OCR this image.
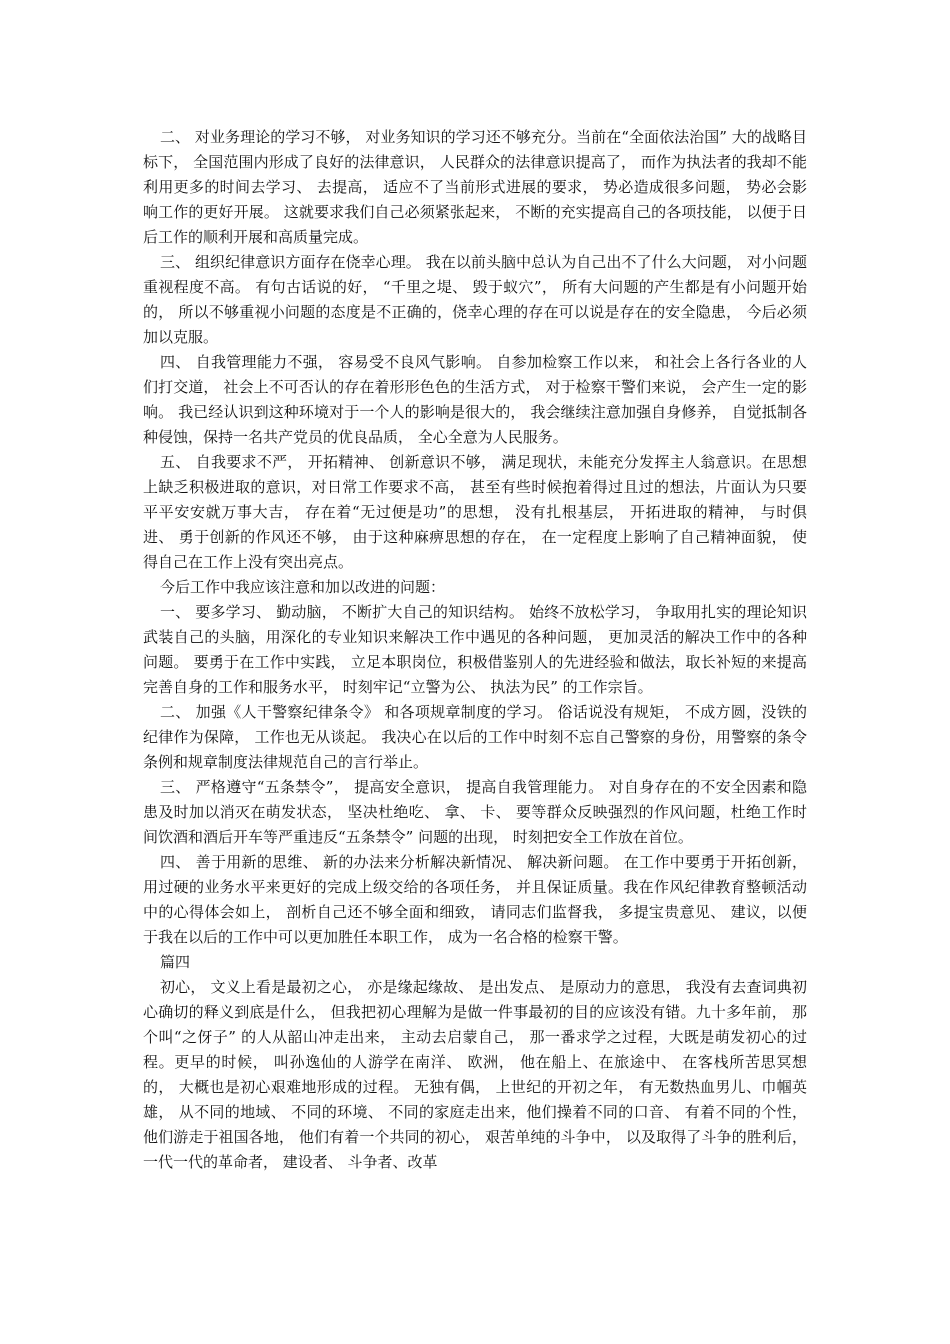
二、 对业务理论的学习不够， 对业务知识的学习还不够充分。当前在“全面依法治国” 大的战略目标下， 全国范围内形成了良好的法律意识， 人民群众的法律意识提高了， 而作为执法者的我却不能利用更多的时间去学习、 去提高， 适应不了当前形式进展的要求， 势必造成很多问题， 势必会影响工作的更好开展。 这就要求我们自己必须紧张起来， 不断的充实提高自己的各项技能， 以便于日后工作的顺利开展和高质量完成。

三、 组织纪律意识方面存在侥幸心理。 我在以前头脑中总认为自己出不了什么大问题， 对小问题重视程度不高。 有句古话说的好， “千里之堤、 毁于蚁穴”， 所有大问题的产生都是有小问题开始的， 所以不够重视小问题的态度是不正确的，侥幸心理的存在可以说是存在的安全隐患， 今后必须加以克服。

四、 自我管理能力不强， 容易受不良风气影响。 自参加检察工作以来， 和社会上各行各业的人们打交道， 社会上不可否认的存在着形形色色的生活方式， 对于检察干警们来说， 会产生一定的影响。 我已经认识到这种环境对于一个人的影响是很大的， 我会继续注意加强自身修养， 自觉抵制各种侵蚀，保持一名共产党员的优良品质， 全心全意为人民服务。

五、 自我要求不严， 开拓精神、 创新意识不够， 满足现状，未能充分发挥主人翁意识。在思想上缺乏积极进取的意识，对日常工作要求不高， 甚至有些时候抱着得过且过的想法，片面认为只要平平安安就万事大吉， 存在着“无过便是功”的思想， 没有扎根基层， 开拓进取的精神， 与时俱进、 勇于创新的作风还不够， 由于这种麻痹思想的存在， 在一定程度上影响了自己精神面貌， 使得自己在工作上没有突出亮点。

今后工作中我应该注意和加以改进的问题：

一、 要多学习、 勤动脑， 不断扩大自己的知识结构。 始终不放松学习， 争取用扎实的理论知识武装自己的头脑，用深化的专业知识来解决工作中遇见的各种问题， 更加灵活的解决工作中的各种问题。 要勇于在工作中实践， 立足本职岗位，积极借鉴别人的先进经验和做法，取长补短的来提高完善自身的工作和服务水平， 时刻牢记“立警为公、 执法为民” 的工作宗旨。

二、 加强《人干警察纪律条令》 和各项规章制度的学习。 俗话说没有规矩， 不成方圆，没铁的纪律作为保障， 工作也无从谈起。 我决心在以后的工作中时刻不忘自己警察的身份，用警察的条令条例和规章制度法律规范自己的言行举止。

三、 严格遵守“五条禁令”， 提高安全意识， 提高自我管理能力。 对自身存在的不安全因素和隐患及时加以消灭在萌发状态， 坚决杜绝吃、 拿、 卡、 要等群众反映强烈的作风问题，杜绝工作时间饮酒和酒后开车等严重违反“五条禁令” 问题的出现， 时刻把安全工作放在首位。

四、 善于用新的思维、 新的办法来分析解决新情况、 解决新问题。 在工作中要勇于开拓创新， 用过硬的业务水平来更好的完成上级交给的各项任务， 并且保证质量。我在作风纪律教育整顿活动中的心得体会如上， 剖析自己还不够全面和细致， 请同志们监督我， 多提宝贵意见、 建议，以便于我在以后的工作中可以更加胜任本职工作， 成为一名合格的检察干警。

篇四

初心， 文义上看是最初之心， 亦是缘起缘故、 是出发点、 是原动力的意思， 我没有去查词典初心确切的释义到底是什么， 但我把初心理解为是做一件事最初的目的应该没有错。九十多年前， 那个叫“之伢子” 的人从韶山冲走出来， 主动去启蒙自己， 那一番求学之过程，大既是萌发初心的过程。更早的时候， 叫孙逸仙的人游学在南洋、 欧洲， 他在船上、在旅途中、 在客栈所苦思冥想的， 大概也是初心艰难地形成的过程。 无独有偶， 上世纪的开初之年， 有无数热血男儿、巾帼英雄， 从不同的地域、 不同的环境、 不同的家庭走出来，他们操着不同的口音、 有着不同的个性， 他们游走于祖国各地， 他们有着一个共同的初心， 艰苦单纯的斗争中， 以及取得了斗争的胜利后， 一代一代的革命者， 建设者、 斗争者、改革
